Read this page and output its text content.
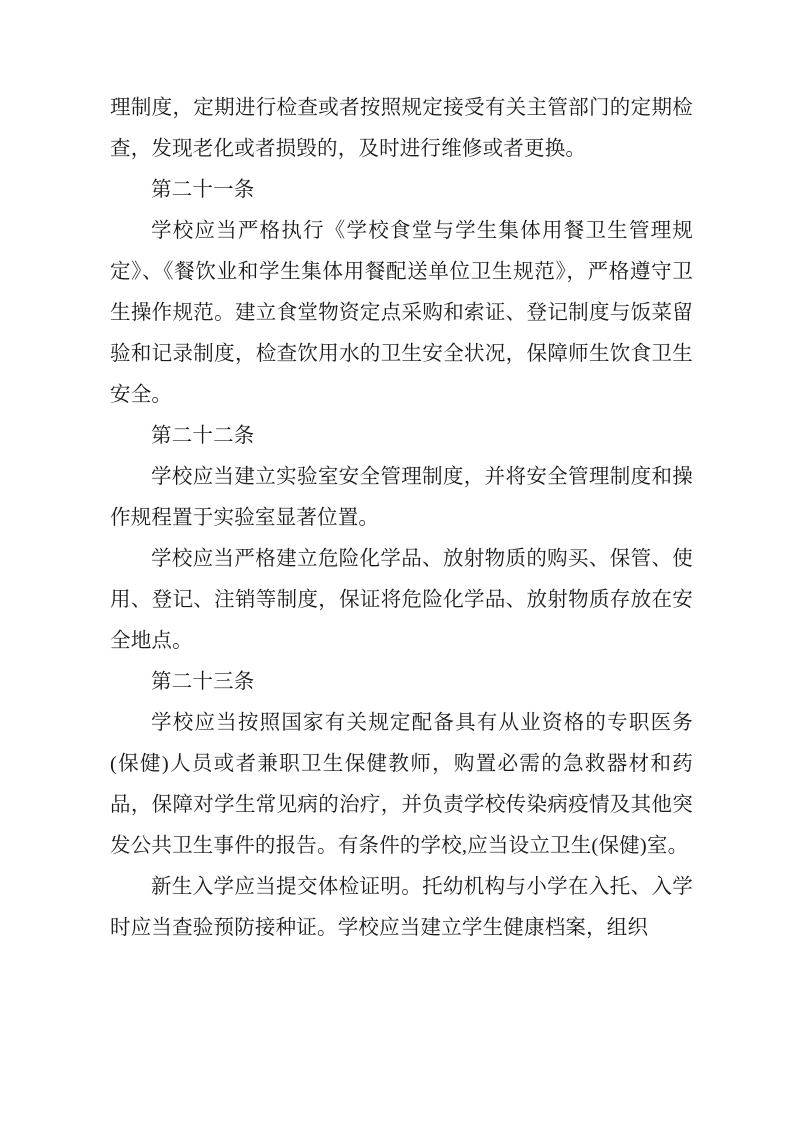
理制度，定期进行检查或者按照规定接受有关主管部门的定期检查，发现老化或者损毁的，及时进行维修或者更换。

第二十一条

学校应当严格执行《学校食堂与学生集体用餐卫生管理规定》、《餐饮业和学生集体用餐配送单位卫生规范》，严格遵守卫生操作规范。建立食堂物资定点采购和索证、登记制度与饭菜留验和记录制度，检查饮用水的卫生安全状况，保障师生饮食卫生安全。

第二十二条

学校应当建立实验室安全管理制度，并将安全管理制度和操作规程置于实验室显著位置。

学校应当严格建立危险化学品、放射物质的购买、保管、使用、登记、注销等制度，保证将危险化学品、放射物质存放在安全地点。

第二十三条

学校应当按照国家有关规定配备具有从业资格的专职医务(保健)人员或者兼职卫生保健教师，购置必需的急救器材和药品，保障对学生常见病的治疗，并负责学校传染病疫情及其他突发公共卫生事件的报告。有条件的学校,应当设立卫生(保健)室。

新生入学应当提交体检证明。托幼机构与小学在入托、入学时应当查验预防接种证。学校应当建立学生健康档案，组织
